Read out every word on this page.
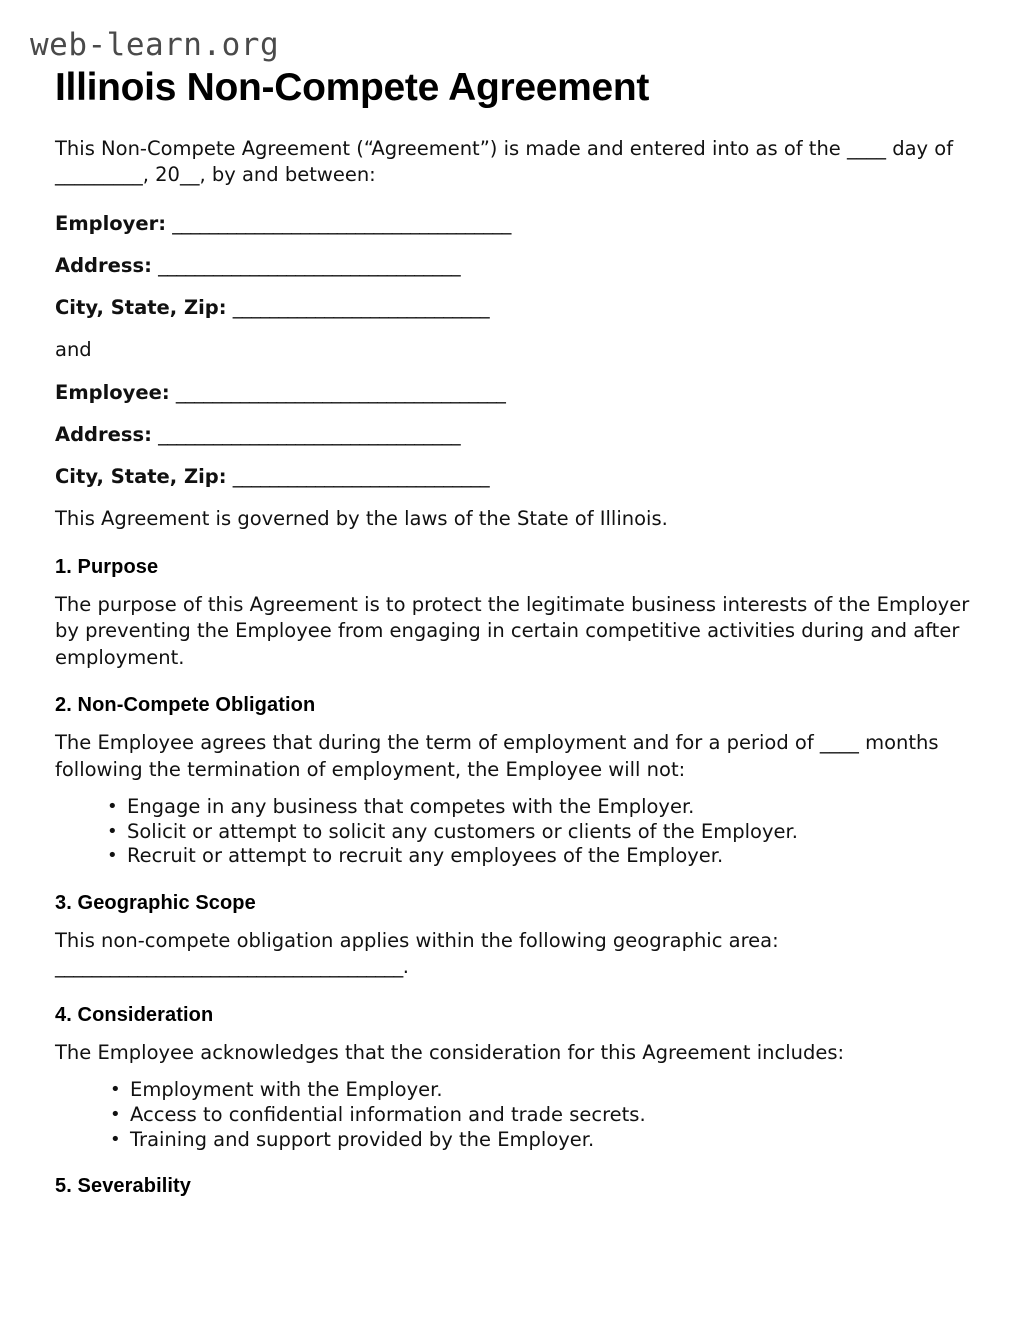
web-learn.org
Illinois Non-Compete Agreement

This Non-Compete Agreement (“Agreement”) is made and entered into as of the ____ day of _________, 20__, by and between:

Employer: _____________________________________

Address: _________________________________

City, State, Zip: ____________________________

and

Employee: ____________________________________

Address: _________________________________

City, State, Zip: ____________________________

This Agreement is governed by the laws of the State of Illinois.

1. Purpose

The purpose of this Agreement is to protect the legitimate business interests of the Employer by preventing the Employee from engaging in certain competitive activities during and after employment.

2. Non-Compete Obligation

The Employee agrees that during the term of employment and for a period of ____ months following the termination of employment, the Employee will not:

• Engage in any business that competes with the Employer.
• Solicit or attempt to solicit any customers or clients of the Employer.
• Recruit or attempt to recruit any employees of the Employer.
3. Geographic Scope

This non-compete obligation applies within the following geographic area:

______________________________________.

4. Consideration

The Employee acknowledges that the consideration for this Agreement includes:

• Employment with the Employer.
• Access to confidential information and trade secrets.
• Training and support provided by the Employer.
5. Severability
